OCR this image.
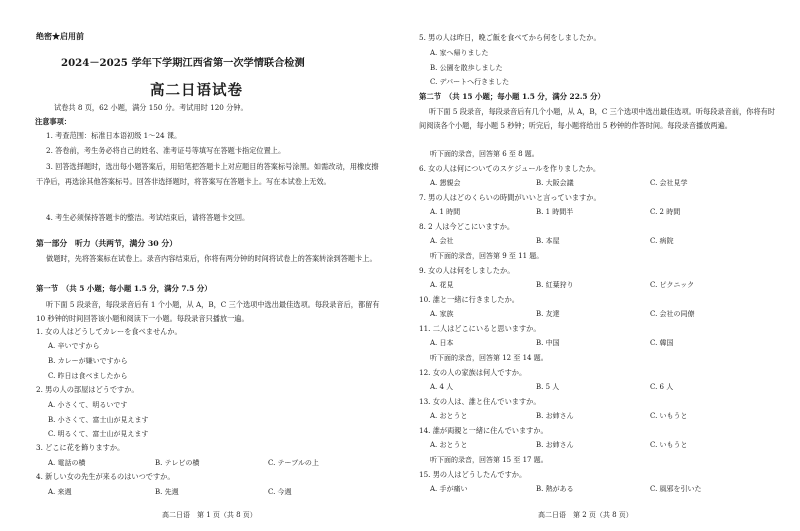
绝密★启用前
2024－2025 学年下学期江西省第一次学情联合检测
高二日语试卷
试卷共 8 页，62 小题，满分 150 分。考试用时 120 分钟。
注意事项：
1. 考查范围：标准日本语初级 1～24 课。
2. 答卷前，考生务必将自己的姓名、准考证号等填写在答题卡指定位置上。
3. 回答选择题时，选出每小题答案后，用铅笔把答题卡上对应题目的答案标号涂黑。如需改动，用橡皮擦干净后，再选涂其他答案标号。回答非选择题时，将答案写在答题卡上。写在本试卷上无效。
4. 考生必须保持答题卡的整洁。考试结束后，请将答题卡交回。
第一部分　听力（共两节，满分 30 分）
做题时，先将答案标在试卷上。录音内容结束后，你将有两分钟的时间将试卷上的答案转涂到答题卡上。
第一节　（共 5 小题；每小题 1.5 分，满分 7.5 分）
听下面 5 段录音，每段录音后有 1 个小题，从 A，B，C 三个选项中选出最佳选项。每段录音后，都留有 10 秒钟的时间回答该小题和阅读下一小题。每段录音只播放一遍。
1. 女の人はどうしてカレーを食べませんか。
A. 辛いですから
B. カレーが嫌いですから
C. 昨日は食べましたから
2. 男の人の部屋はどうですか。
A. 小さくて、明るいです
B. 小さくて、富士山が見えます
C. 明るくて、富士山が見えます
3. どこに花を飾りますか。
A. 電話の横	B. テレビの横	C. テーブルの上
4. 新しい女の先生が来るのはいつですか。
A. 来週	B. 先週	C. 今週
高二日语　第 1 页（共 8 页）
5. 男の人は昨日，晩ご飯を食べてから何をしましたか。
A. 家へ帰りました
B. 公園を散歩しました
C. デパートへ行きました
第二节　（共 15 小题；每小题 1.5 分，满分 22.5 分）
听下面 5 段录音，每段录音后有几个小题，从 A，B，C 三个选项中选出最佳选项。听每段录音前，你将有时间阅读各个小题，每小题 5 秒钟；听完后，每小题将给出 5 秒钟的作答时间。每段录音播放两遍。
听下面的录音，回答第 6 至 8 题。
6. 女の人は何についてのスケジュールを作りましたか。
A. 懇親会	B. 大阪会議	C. 会社見学
7. 男の人はどのくらいの時間がいいと言っていますか。
A. 1 時間	B. 1 時間半	C. 2 時間
8. 2 人は今どこにいますか。
A. 会社	B. 本屋	C. 病院
听下面的录音，回答第 9 至 11 题。
9. 女の人は何をしましたか。
A. 花見	B. 紅葉狩り	C. ピクニック
10. 誰と一緒に行きましたか。
A. 家族	B. 友達	C. 会社の同僚
11. 二人はどこにいると思いますか。
A. 日本	B. 中国	C. 韓国
听下面的录音，回答第 12 至 14 题。
12. 女の人の家族は何人ですか。
A. 4 人	B. 5 人	C. 6 人
13. 女の人は、誰と住んでいますか。
A. おとうと	B. お姉さん	C. いもうと
14. 誰が両親と一緒に住んでいますか。
A. おとうと	B. お姉さん	C. いもうと
听下面的录音，回答第 15 至 17 题。
15. 男の人はどうしたんですか。
A. 手が痛い	B. 熱がある	C. 風邪を引いた
高二日语　第 2 页（共 8 页）
